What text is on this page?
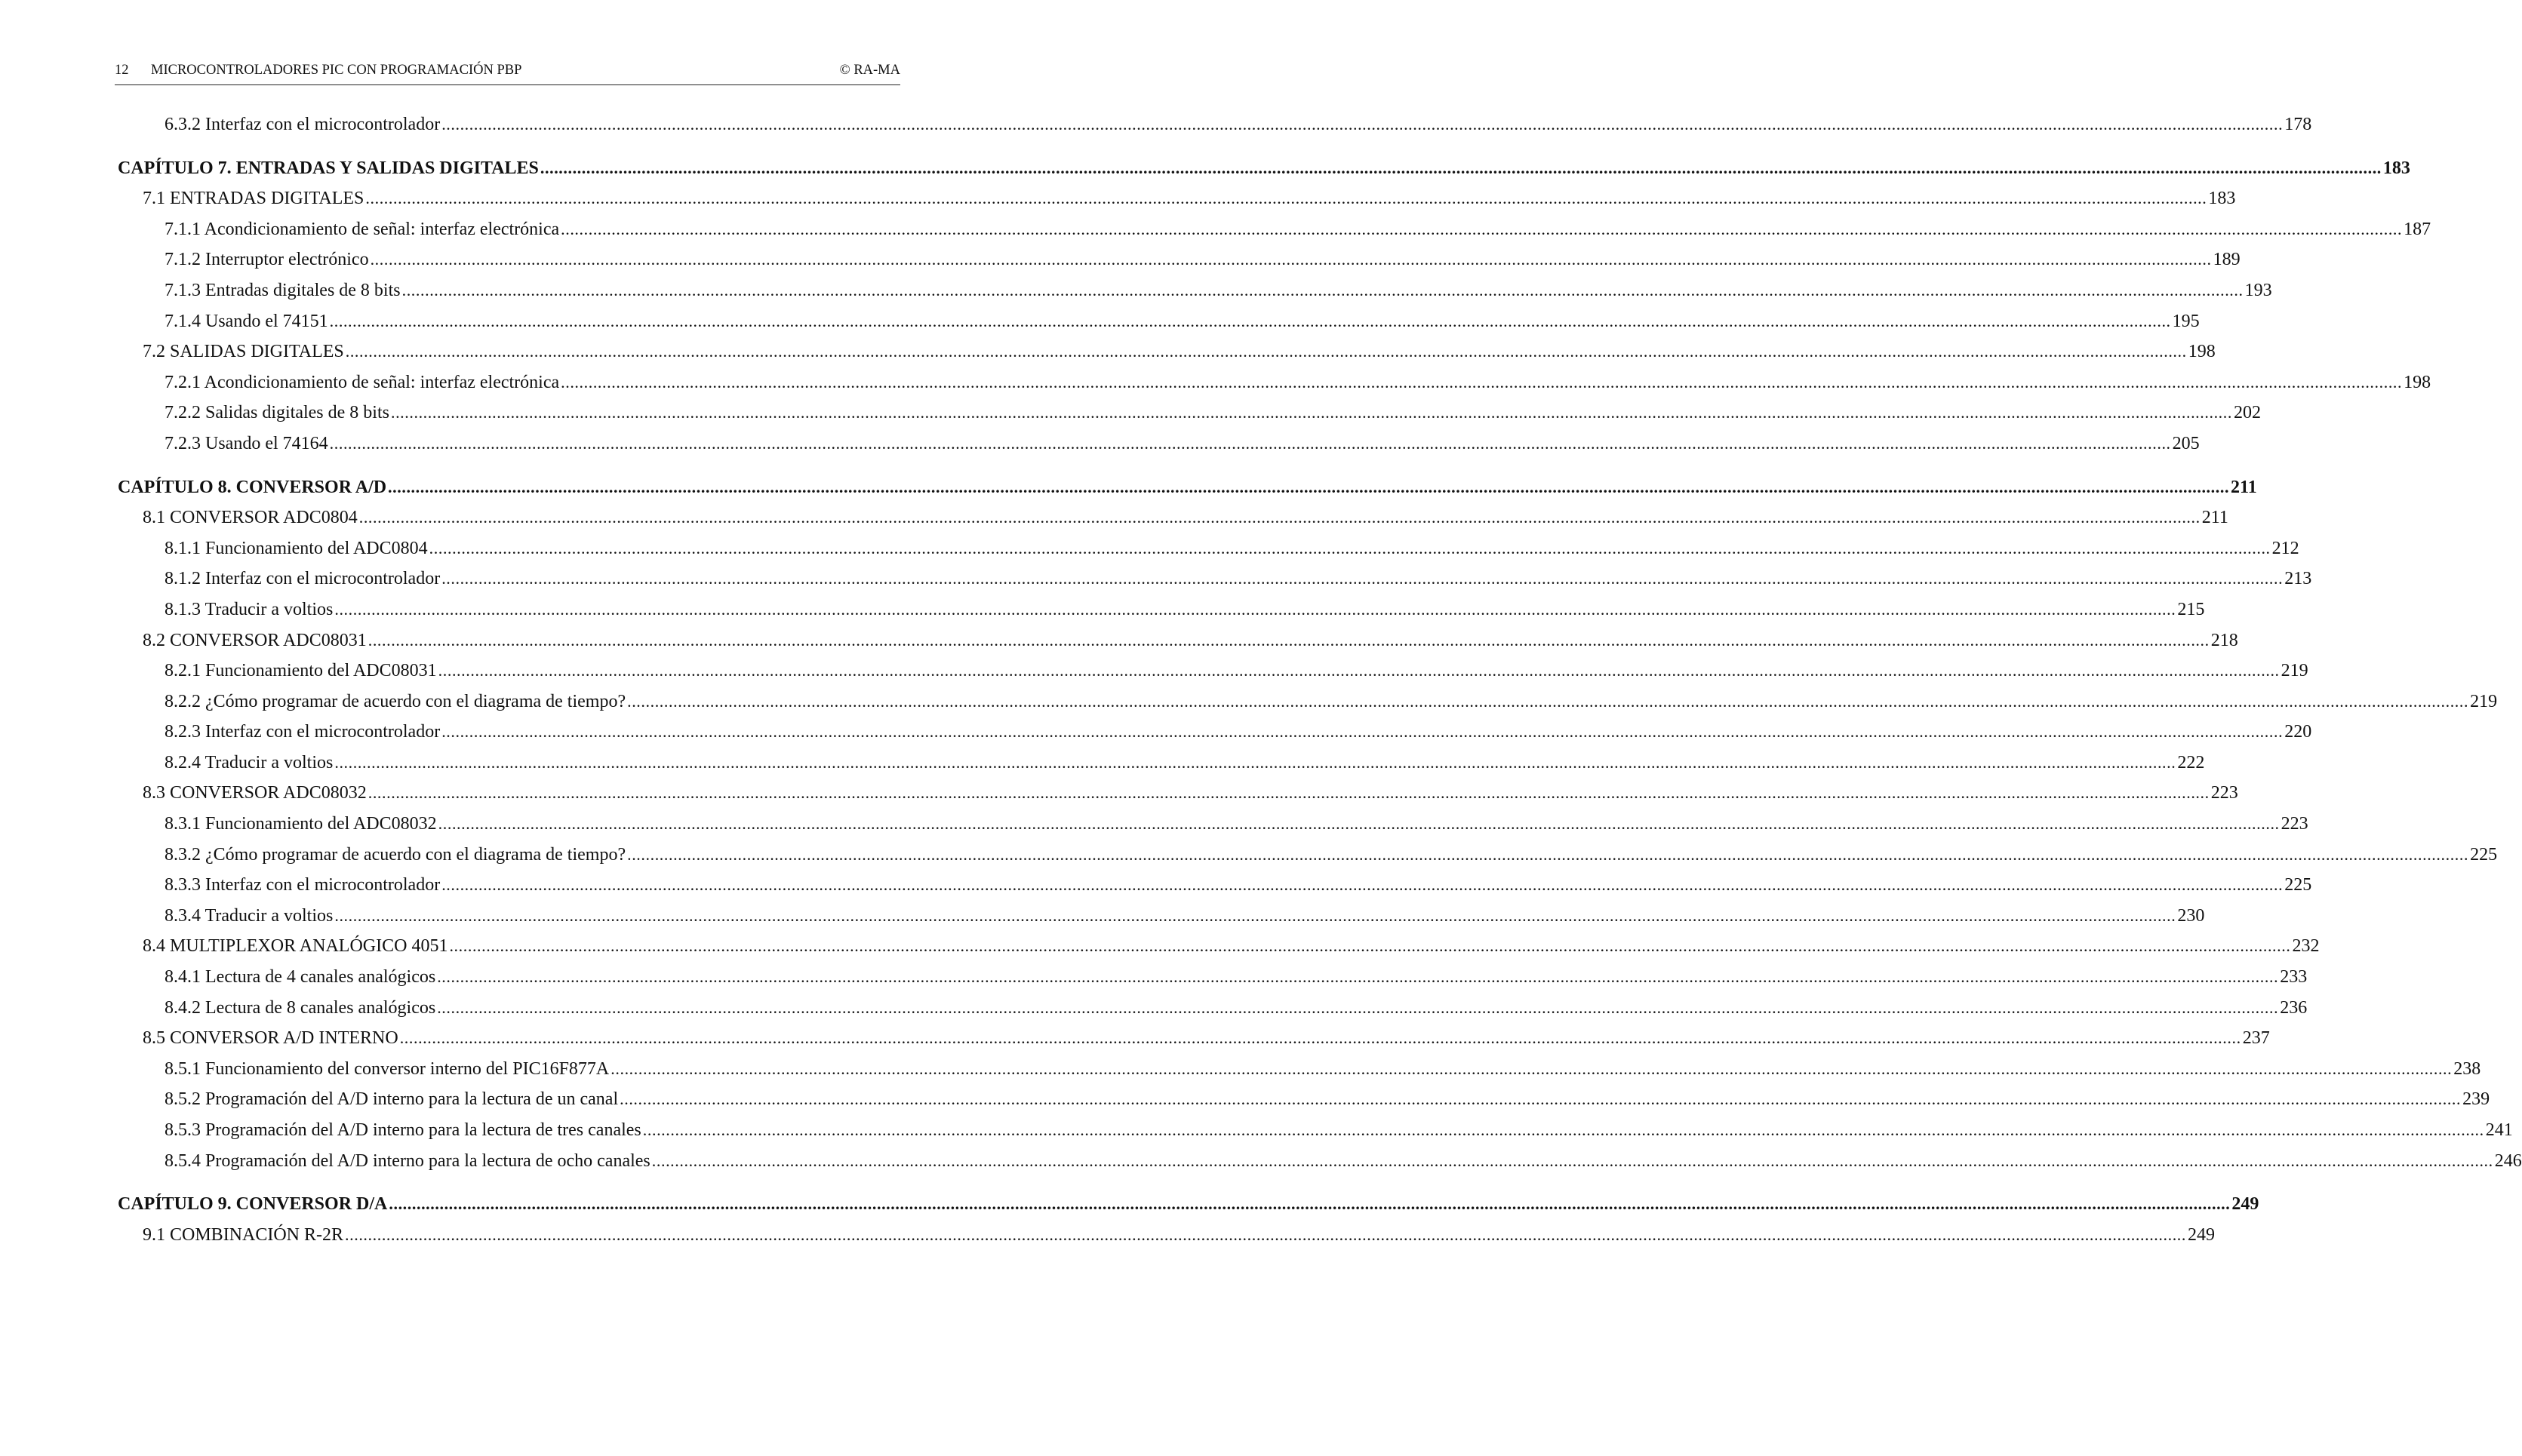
12 MICROCONTROLADORES PIC CON PROGRAMACIÓN PBP	© RA-MA
6.3.2 Interfaz con el microcontrolador ................................................................................................................................................................................................................................................................................................................................................................................................................ 178
CAPÍTULO 7. ENTRADAS Y SALIDAS DIGITALES ................................................................................................................................................................................................................................................................................................................................................................................................................ 183
7.1 ENTRADAS DIGITALES ................................................................................................................................................................................................................................................................................................................................................................................................................ 183
7.1.1 Acondicionamiento de señal: interfaz electrónica ................................................................................................................................................................................................................................................................................................................................................................................................................ 187
7.1.2 Interruptor electrónico ................................................................................................................................................................................................................................................................................................................................................................................................................ 189
7.1.3 Entradas digitales de 8 bits ................................................................................................................................................................................................................................................................................................................................................................................................................ 193
7.1.4 Usando el 74151 ................................................................................................................................................................................................................................................................................................................................................................................................................ 195
7.2 SALIDAS DIGITALES ................................................................................................................................................................................................................................................................................................................................................................................................................ 198
7.2.1 Acondicionamiento de señal: interfaz electrónica ................................................................................................................................................................................................................................................................................................................................................................................................................ 198
7.2.2 Salidas digitales de 8 bits ................................................................................................................................................................................................................................................................................................................................................................................................................ 202
7.2.3 Usando el 74164 ................................................................................................................................................................................................................................................................................................................................................................................................................ 205
CAPÍTULO 8. CONVERSOR A/D ................................................................................................................................................................................................................................................................................................................................................................................................................ 211
8.1 CONVERSOR ADC0804 ................................................................................................................................................................................................................................................................................................................................................................................................................ 211
8.1.1 Funcionamiento del ADC0804 ................................................................................................................................................................................................................................................................................................................................................................................................................ 212
8.1.2 Interfaz con el microcontrolador ................................................................................................................................................................................................................................................................................................................................................................................................................ 213
8.1.3 Traducir a voltios ................................................................................................................................................................................................................................................................................................................................................................................................................ 215
8.2 CONVERSOR ADC08031 ................................................................................................................................................................................................................................................................................................................................................................................................................ 218
8.2.1 Funcionamiento del ADC08031 ................................................................................................................................................................................................................................................................................................................................................................................................................ 219
8.2.2 ¿Cómo programar de acuerdo con el diagrama de tiempo? ................................................................................................................................................................................................................................................................................................................................................................................................................ 219
8.2.3 Interfaz con el microcontrolador ................................................................................................................................................................................................................................................................................................................................................................................................................ 220
8.2.4 Traducir a voltios ................................................................................................................................................................................................................................................................................................................................................................................................................ 222
8.3 CONVERSOR ADC08032 ................................................................................................................................................................................................................................................................................................................................................................................................................ 223
8.3.1 Funcionamiento del ADC08032 ................................................................................................................................................................................................................................................................................................................................................................................................................ 223
8.3.2 ¿Cómo programar de acuerdo con el diagrama de tiempo? ................................................................................................................................................................................................................................................................................................................................................................................................................ 225
8.3.3 Interfaz con el microcontrolador ................................................................................................................................................................................................................................................................................................................................................................................................................ 225
8.3.4 Traducir a voltios ................................................................................................................................................................................................................................................................................................................................................................................................................ 230
8.4 MULTIPLEXOR ANALÓGICO 4051 ................................................................................................................................................................................................................................................................................................................................................................................................................ 232
8.4.1 Lectura de 4 canales analógicos ................................................................................................................................................................................................................................................................................................................................................................................................................ 233
8.4.2 Lectura de 8 canales analógicos ................................................................................................................................................................................................................................................................................................................................................................................................................ 236
8.5 CONVERSOR A/D INTERNO ................................................................................................................................................................................................................................................................................................................................................................................................................ 237
8.5.1 Funcionamiento del conversor interno del PIC16F877A ................................................................................................................................................................................................................................................................................................................................................................................................................ 238
8.5.2 Programación del A/D interno para la lectura de un canal ................................................................................................................................................................................................................................................................................................................................................................................................................ 239
8.5.3 Programación del A/D interno para la lectura de tres canales ................................................................................................................................................................................................................................................................................................................................................................................................................ 241
8.5.4 Programación del A/D interno para la lectura de ocho canales ................................................................................................................................................................................................................................................................................................................................................................................................................ 246
CAPÍTULO 9. CONVERSOR D/A ................................................................................................................................................................................................................................................................................................................................................................................................................ 249
9.1 COMBINACIÓN R-2R ................................................................................................................................................................................................................................................................................................................................................................................................................ 249
